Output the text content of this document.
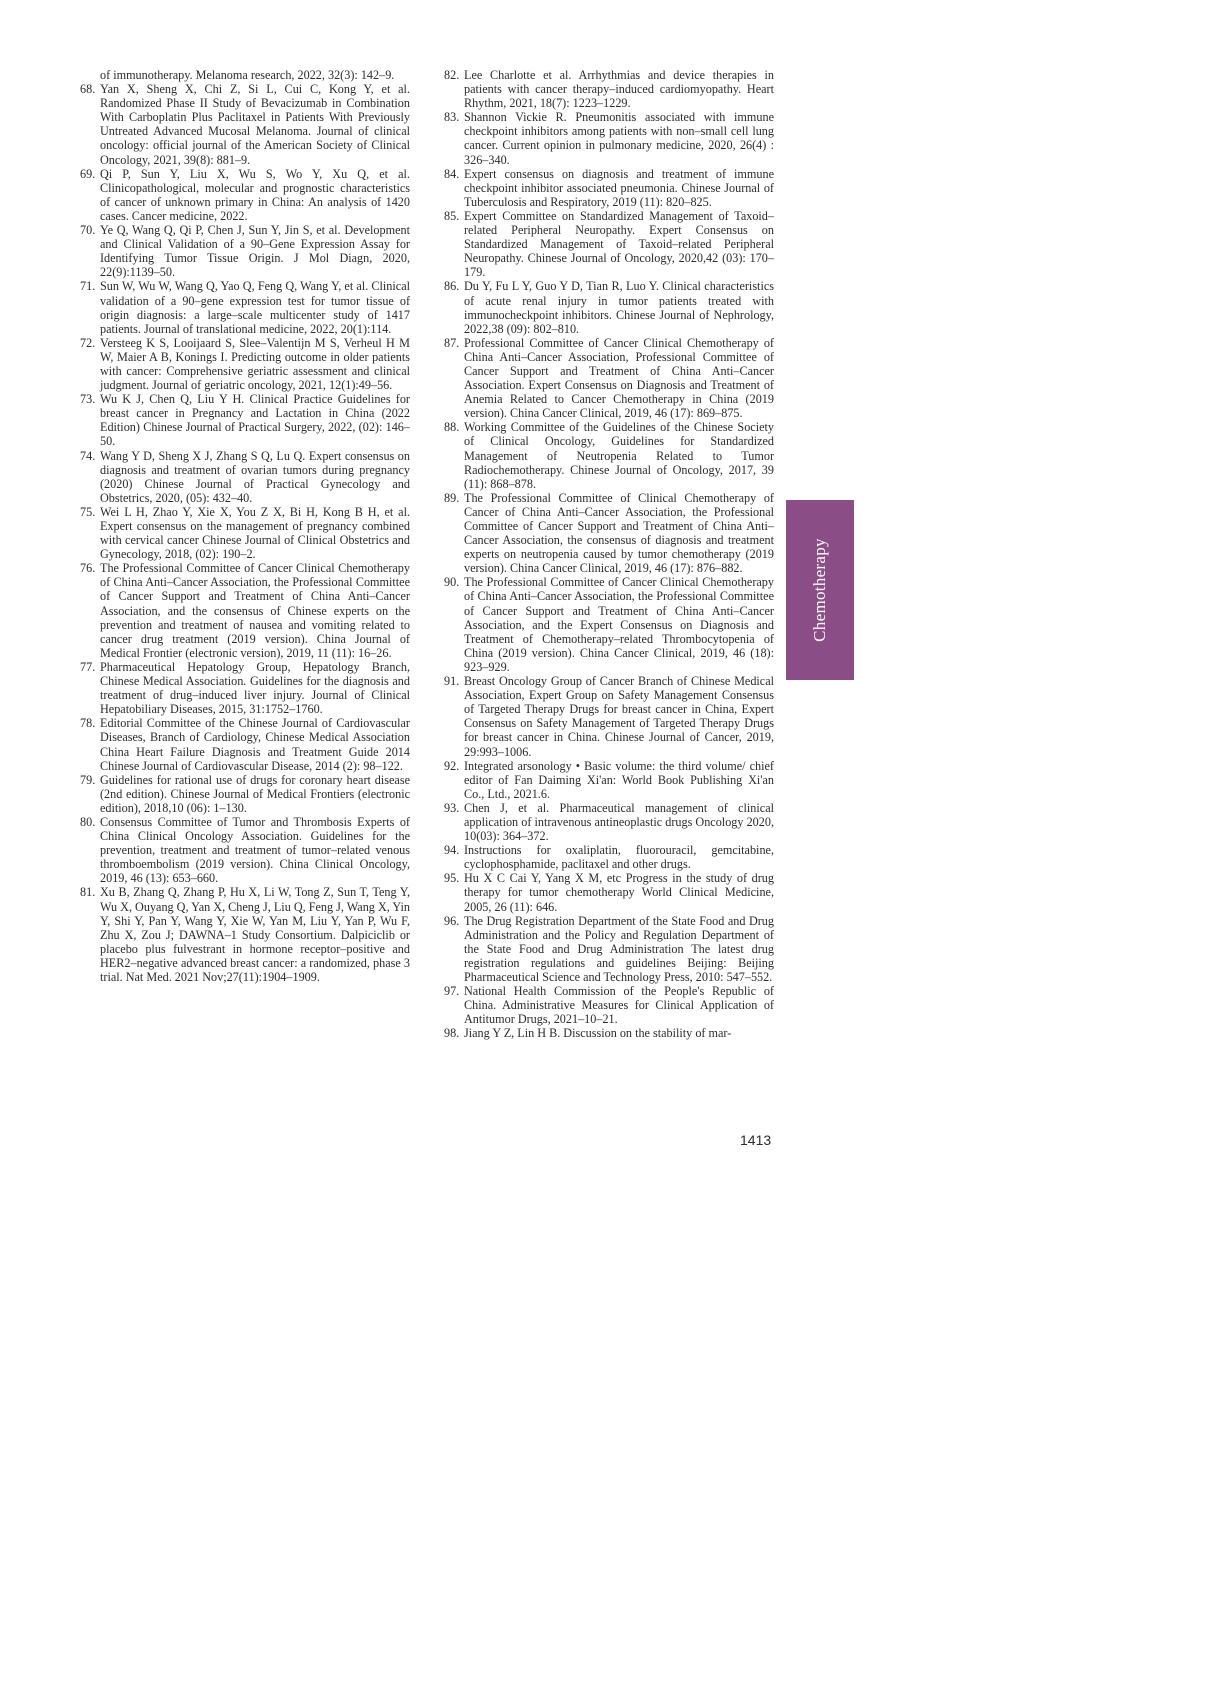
of immunotherapy. Melanoma research, 2022, 32(3): 142–9.

68. Yan X, Sheng X, Chi Z, Si L, Cui C, Kong Y, et al. Randomized Phase II Study of Bevacizumab in Combination With Carboplatin Plus Paclitaxel in Patients With Previously Untreated Advanced Mucosal Melanoma. Journal of clinical oncology: official journal of the American Society of Clinical Oncology, 2021, 39(8): 881–9.

69. Qi P, Sun Y, Liu X, Wu S, Wo Y, Xu Q, et al. Clinicopathological, molecular and prognostic characteristics of cancer of unknown primary in China: An analysis of 1420 cases. Cancer medicine, 2022.

70. Ye Q, Wang Q, Qi P, Chen J, Sun Y, Jin S, et al. Development and Clinical Validation of a 90–Gene Expression Assay for Identifying Tumor Tissue Origin. J Mol Diagn, 2020, 22(9):1139–50.

71. Sun W, Wu W, Wang Q, Yao Q, Feng Q, Wang Y, et al. Clinical validation of a 90–gene expression test for tumor tissue of origin diagnosis: a large–scale multicenter study of 1417 patients. Journal of translational medicine, 2022, 20(1):114.

72. Versteeg K S, Looijaard S, Slee–Valentijn M S, Verheul H M W, Maier A B, Konings I. Predicting outcome in older patients with cancer: Comprehensive geriatric assessment and clinical judgment. Journal of geriatric oncology, 2021, 12(1):49–56.

73. Wu K J, Chen Q, Liu Y H. Clinical Practice Guidelines for breast cancer in Pregnancy and Lactation in China (2022 Edition) Chinese Journal of Practical Surgery, 2022, (02): 146–50.

74. Wang Y D, Sheng X J, Zhang S Q, Lu Q. Expert consensus on diagnosis and treatment of ovarian tumors during pregnancy (2020) Chinese Journal of Practical Gynecology and Obstetrics, 2020, (05): 432–40.

75. Wei L H, Zhao Y, Xie X, You Z X, Bi H, Kong B H, et al. Expert consensus on the management of pregnancy combined with cervical cancer Chinese Journal of Clinical Obstetrics and Gynecology, 2018, (02): 190–2.

76. The Professional Committee of Cancer Clinical Chemotherapy of China Anti–Cancer Association, the Professional Committee of Cancer Support and Treatment of China Anti–Cancer Association, and the consensus of Chinese experts on the prevention and treatment of nausea and vomiting related to cancer drug treatment (2019 version). China Journal of Medical Frontier (electronic version), 2019, 11 (11): 16–26.

77. Pharmaceutical Hepatology Group, Hepatology Branch, Chinese Medical Association. Guidelines for the diagnosis and treatment of drug–induced liver injury. Journal of Clinical Hepatobiliary Diseases, 2015, 31:1752–1760.

78. Editorial Committee of the Chinese Journal of Cardiovascular Diseases, Branch of Cardiology, Chinese Medical Association China Heart Failure Diagnosis and Treatment Guide 2014 Chinese Journal of Cardiovascular Disease, 2014 (2): 98–122.

79. Guidelines for rational use of drugs for coronary heart disease (2nd edition). Chinese Journal of Medical Frontiers (electronic edition), 2018,10 (06): 1–130.

80. Consensus Committee of Tumor and Thrombosis Experts of China Clinical Oncology Association. Guidelines for the prevention, treatment and treatment of tumor–related venous thromboembolism (2019 version). China Clinical Oncology, 2019, 46 (13): 653–660.

81. Xu B, Zhang Q, Zhang P, Hu X, Li W, Tong Z, Sun T, Teng Y, Wu X, Ouyang Q, Yan X, Cheng J, Liu Q, Feng J, Wang X, Yin Y, Shi Y, Pan Y, Wang Y, Xie W, Yan M, Liu Y, Yan P, Wu F, Zhu X, Zou J; DAWNA–1 Study Consortium. Dalpiciclib or placebo plus fulvestrant in hormone receptor–positive and HER2–negative advanced breast cancer: a randomized, phase 3 trial. Nat Med. 2021 Nov;27(11):1904–1909.

82. Lee Charlotte et al. Arrhythmias and device therapies in patients with cancer therapy–induced cardiomyopathy. Heart Rhythm, 2021, 18(7): 1223–1229.

83. Shannon Vickie R. Pneumonitis associated with immune checkpoint inhibitors among patients with non–small cell lung cancer. Current opinion in pulmonary medicine, 2020, 26(4) : 326–340.

84. Expert consensus on diagnosis and treatment of immune checkpoint inhibitor associated pneumonia. Chinese Journal of Tuberculosis and Respiratory, 2019 (11): 820–825.

85. Expert Committee on Standardized Management of Taxoid–related Peripheral Neuropathy. Expert Consensus on Standardized Management of Taxoid–related Peripheral Neuropathy. Chinese Journal of Oncology, 2020,42 (03): 170–179.

86. Du Y, Fu L Y, Guo Y D, Tian R, Luo Y. Clinical characteristics of acute renal injury in tumor patients treated with immunocheckpoint inhibitors. Chinese Journal of Nephrology, 2022,38 (09): 802–810.

87. Professional Committee of Cancer Clinical Chemotherapy of China Anti–Cancer Association, Professional Committee of Cancer Support and Treatment of China Anti–Cancer Association. Expert Consensus on Diagnosis and Treatment of Anemia Related to Cancer Chemotherapy in China (2019 version). China Cancer Clinical, 2019, 46 (17): 869–875.

88. Working Committee of the Guidelines of the Chinese Society of Clinical Oncology, Guidelines for Standardized Management of Neutropenia Related to Tumor Radiochemotherapy. Chinese Journal of Oncology, 2017, 39 (11): 868–878.

89. The Professional Committee of Clinical Chemotherapy of Cancer of China Anti–Cancer Association, the Professional Committee of Cancer Support and Treatment of China Anti–Cancer Association, the consensus of diagnosis and treatment experts on neutropenia caused by tumor chemotherapy (2019 version). China Cancer Clinical, 2019, 46 (17): 876–882.

90. The Professional Committee of Cancer Clinical Chemotherapy of China Anti–Cancer Association, the Professional Committee of Cancer Support and Treatment of China Anti–Cancer Association, and the Expert Consensus on Diagnosis and Treatment of Chemotherapy–related Thrombocytopenia of China (2019 version). China Cancer Clinical, 2019, 46 (18): 923–929.

91. Breast Oncology Group of Cancer Branch of Chinese Medical Association, Expert Group on Safety Management Consensus of Targeted Therapy Drugs for breast cancer in China, Expert Consensus on Safety Management of Targeted Therapy Drugs for breast cancer in China. Chinese Journal of Cancer, 2019, 29:993–1006.

92. Integrated arsonology • Basic volume: the third volume/ chief editor of Fan Daiming Xi'an: World Book Publishing Xi'an Co., Ltd., 2021.6.

93. Chen J, et al. Pharmaceutical management of clinical application of intravenous antineoplastic drugs Oncology 2020, 10(03): 364–372.

94. Instructions for oxaliplatin, fluorouracil, gemcitabine, cyclophosphamide, paclitaxel and other drugs.

95. Hu X C Cai Y, Yang X M, etc Progress in the study of drug therapy for tumor chemotherapy World Clinical Medicine, 2005, 26 (11): 646.

96. The Drug Registration Department of the State Food and Drug Administration and the Policy and Regulation Department of the State Food and Drug Administration The latest drug registration regulations and guidelines Beijing: Beijing Pharmaceutical Science and Technology Press, 2010: 547–552.

97. National Health Commission of the People's Republic of China. Administrative Measures for Clinical Application of Antitumor Drugs, 2021–10–21.

98. Jiang Y Z, Lin H B. Discussion on the stability of mar-

Chemotherapy
1413
